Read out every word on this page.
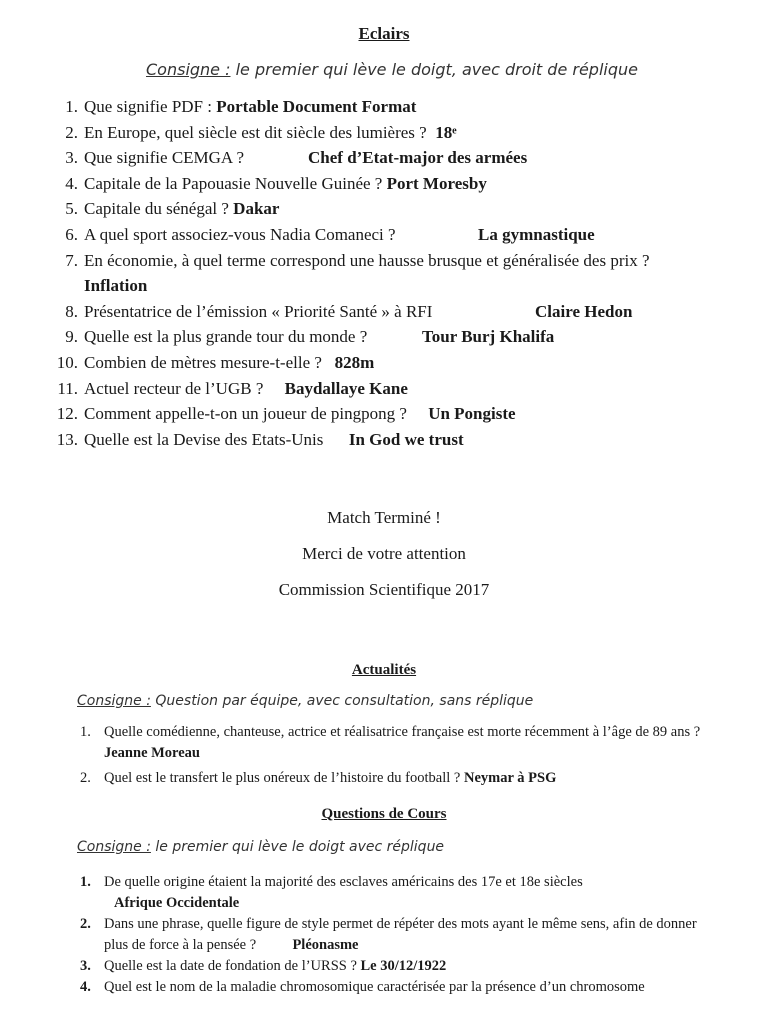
Eclairs
Consigne : le premier qui lève le doigt, avec droit de réplique
1. Que signifie PDF : Portable Document Format
2. En Europe, quel siècle est dit siècle des lumières ? 18ᵉ
3. Que signifie CEMGA ?	Chef d’Etat-major des armées
4. Capitale de la Papouasie Nouvelle Guinée ? Port Moresby
5. Capitale du sénégal ? Dakar
6. A quel sport associez-vous Nadia Comaneci ?	La gymnastique
7. En économie, à quel terme correspond une hausse brusque et généralisée des prix ?
Inflation
8. Présentatrice de l’émission « Priorité Santé » à RFI	Claire Hedon
9. Quelle est la plus grande tour du monde ?	Tour Burj Khalifa
10. Combien de mètres mesure-t-elle ? 828m
11. Actuel recteur de l’UGB ? Baydallaye Kane
12. Comment appelle-t-on un joueur de pingpong ? Un Pongiste
13. Quelle est la Devise des Etats-Unis      In God we trust
Match Terminé !
Merci de votre attention
Commission Scientifique 2017
Actualités
Consigne : Question par équipe, avec consultation, sans réplique
1. Quelle comédienne, chanteuse, actrice et réalisatrice française est morte récemment à l’âge de 89 ans ? Jeanne Moreau
2. Quel est le transfert le plus onéreux de l’histoire du football ? Neymar à PSG
Questions de Cours
Consigne : le premier qui lève le doigt avec réplique
1. De quelle origine étaient la majorité des esclaves américains des 17e et 18e siècles
Afrique Occidentale
2. Dans une phrase, quelle figure de style permet de répéter des mots ayant le même sens, afin de donner plus de force à la pensée ?	Pléonasme
3. Quelle est la date de fondation de l’URSS ? Le 30/12/1922
4. Quel est le nom de la maladie chromosomique caractérisée par la présence d’un chromosome
